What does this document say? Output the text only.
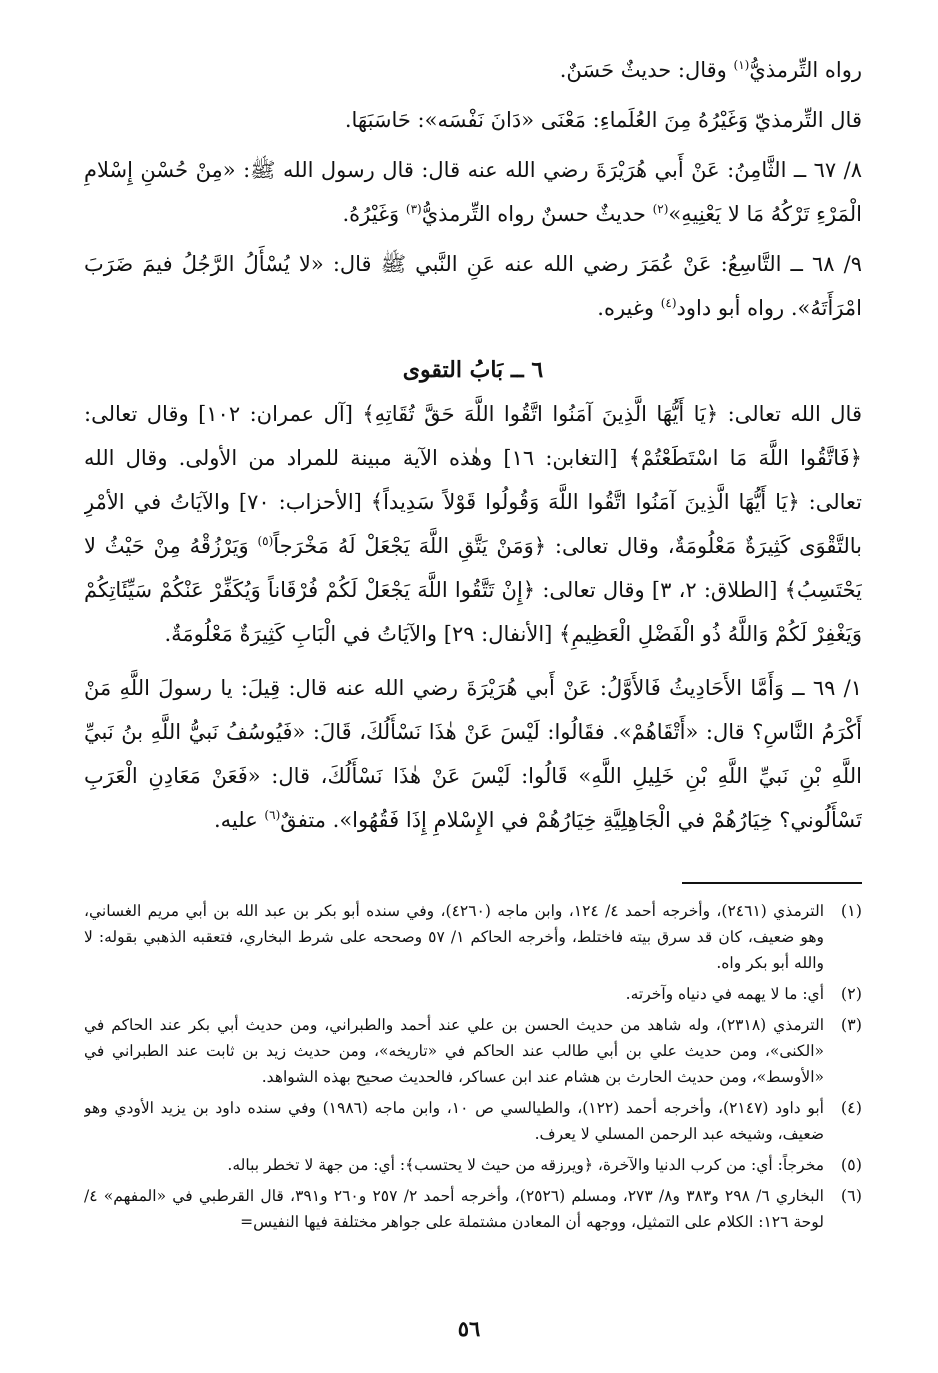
رواه التِّرمذيُّ$^{(١)}$ وقال: حديثٌ حَسَنٌ.

قال التِّرمذيّ وَغَيْرُهُ مِنَ العُلَماءِ: مَعْنَى «دَانَ نَفْسَه»: حَاسَبَهَا.

٨/ ٦٧ ــ الثَّامِنُ: عَنْ أَبي هُرَيْرَةَ رضي الله عنه قال: قال رسول الله ﷺ: «مِنْ حُسْنِ إِسْلامِ الْمَرْءِ تَرْكُهُ مَا لا يَعْنِيهِ»$^{(٢)}$ حديثٌ حسنٌ رواه التِّرمذيُّ$^{(٣)}$ وَغَيْرُهُ.

٩/ ٦٨ ــ التَّاسِعُ: عَنْ عُمَرَ رضي الله عنه عَنِ النَّبي ﷺ قال: «لا يُسْأَلُ الرَّجُلُ فيمَ ضَرَبَ امْرَأَتَهُ». رواه أبو داود$^{(٤)}$ وغيره.

٦ ــ بَابُ التقوى

قال الله تعالى: ﴿يَا أَيُّهَا الَّذِينَ آمَنُوا اتَّقُوا اللَّهَ حَقَّ تُقَاتِهِ﴾ [آل عمران: ١٠٢] وقال تعالى: ﴿فَاتَّقُوا اللَّهَ مَا اسْتَطَعْتُمْ﴾ [التغابن: ١٦] وهٰذه الآية مبينة للمراد من الأولى. وقال الله تعالى: ﴿يَا أَيُّهَا الَّذِينَ آمَنُوا اتَّقُوا اللَّهَ وَقُولُوا قَوْلاً سَدِيداً﴾ [الأحزاب: ٧٠] والآيَاتُ في الأمْرِ بالتَّقْوَى كَثِيرَةٌ مَعْلُومَةٌ، وقال تعالى: ﴿وَمَنْ يَتَّقِ اللَّهَ يَجْعَلْ لَهُ مَخْرَجاً$^{(٥)}$ وَيَرْزُقْهُ مِنْ حَيْثُ لا يَحْتَسِبُ﴾ [الطلاق: ٢، ٣] وقال تعالى: ﴿إِنْ تَتَّقُوا اللَّهَ يَجْعَلْ لَكُمْ فُرْقَاناً وَيُكَفِّرْ عَنْكُمْ سَيِّئَاتِكُمْ وَيَغْفِرْ لَكُمْ وَاللَّهُ ذُو الْفَضْلِ الْعَظِيمِ﴾ [الأنفال: ٢٩] والآيَاتُ في الْبَابِ كَثِيرَةٌ مَعْلُومَةٌ.

١/ ٦٩ ــ وَأَمَّا الأَحَادِيثُ فَالأَوَّلُ: عَنْ أَبي هُرَيْرَةَ رضي الله عنه قال: قِيلَ: يا رسولَ اللَّهِ مَنْ أَكْرَمُ النَّاسِ؟ قال: «أَتْقَاهُمْ». فقَالُوا: لَيْسَ عَنْ هٰذَا نَسْأَلُكَ، قَالَ: «فَيُوسُفُ نَبيُّ اللَّهِ بنُ نَبيِّ اللَّهِ بْنِ نَبيِّ اللَّهِ بْنِ خَلِيلِ اللَّهِ» قَالُوا: لَيْسَ عَنْ هٰذَا نَسْأَلُكَ، قال: «فَعَنْ مَعَادِنِ الْعَرَبِ تَسْأَلُوني؟ خِيَارُهُمْ في الْجَاهِلِيَّةِ خِيَارُهُمْ في الإِسْلامِ إِذَا فَقُهُوا». متفقٌ$^{(٦)}$ عليه.

(١)
الترمذي (٢٤٦١)، وأخرجه أحمد ٤/ ١٢٤، وابن ماجه (٤٢٦٠)، وفي سنده أبو بكر بن عبد الله بن أبي مريم الغساني، وهو ضعيف، كان قد سرق بيته فاختلط، وأخرجه الحاكم ١/ ٥٧ وصححه على شرط البخاري، فتعقبه الذهبي بقوله: لا والله أبو بكر واه.
(٢)
أي: ما لا يهمه في دنياه وآخرته.
(٣)
الترمذي (٢٣١٨)، وله شاهد من حديث الحسن بن علي عند أحمد والطبراني، ومن حديث أبي بكر عند الحاكم في «الكنى»، ومن حديث علي بن أبي طالب عند الحاكم في «تاريخه»، ومن حديث زيد بن ثابت عند الطبراني في «الأوسط»، ومن حديث الحارث بن هشام عند ابن عساكر، فالحديث صحيح بهذه الشواهد.
(٤)
أبو داود (٢١٤٧)، وأخرجه أحمد (١٢٢)، والطيالسي ص ١٠، وابن ماجه (١٩٨٦) وفي سنده داود بن يزيد الأودي وهو ضعيف، وشيخه عبد الرحمن المسلي لا يعرف.
(٥)
مخرجاً: أي: من كرب الدنيا والآخرة، ﴿ويرزقه من حيث لا يحتسب﴾: أي: من جهة لا تخطر بباله.
(٦)
البخاري ٦/ ٢٩٨ و٣٨٣ و٨/ ٢٧٣، ومسلم (٢٥٢٦)، وأخرجه أحمد ٢/ ٢٥٧ و٢٦٠ و٣٩١، قال القرطبي في «المفهم» ٤/ لوحة ١٢٦: الكلام على التمثيل، ووجهه أن المعادن مشتملة على جواهر مختلفة فيها النفيس=
٥٦
